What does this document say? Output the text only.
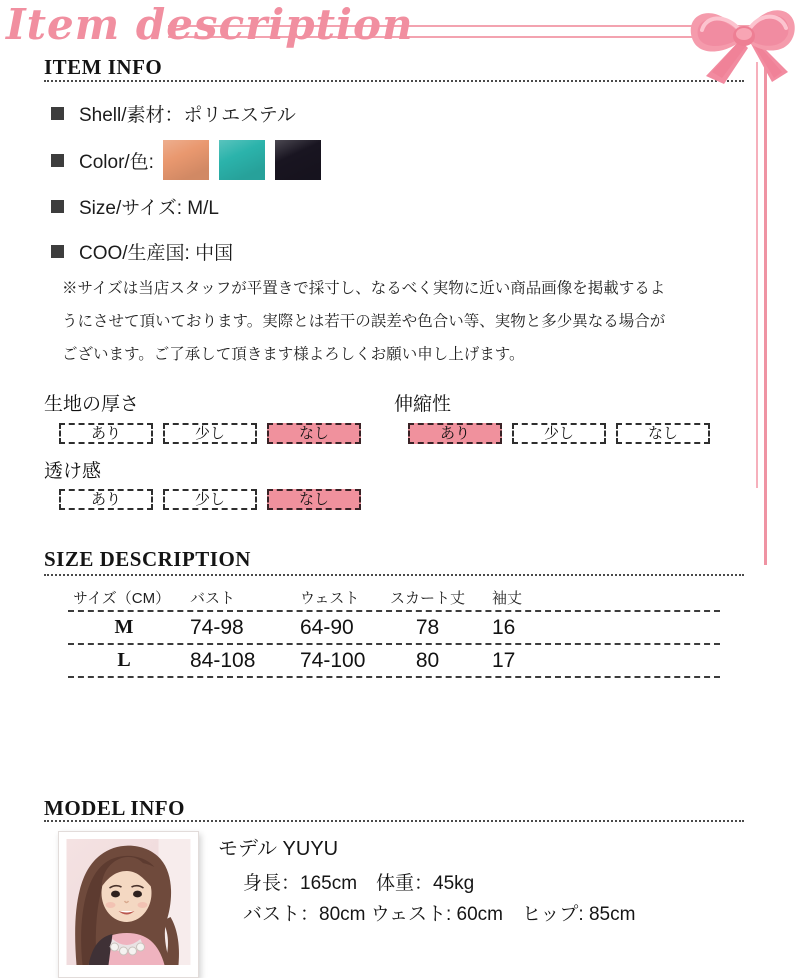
Item description
ITEM INFO
Shell/素材：ポリエステル
Color/色:
Size/サイズ: M/L
COO/生産国: 中国
※サイズは当店スタッフが平置きで採寸し、なるべく実物に近い商品画像を掲載するよ
うにさせて頂いております。実際とは若干の誤差や色合い等、実物と多少異なる場合が
ございます。ご了承して頂きます様よろしくお願い申し上げます。
生地の厚さ
あり	少し	なし
伸縮性
あり	少し	なし
透け感
あり	少し	なし
SIZE DESCRIPTION
サイズ（CM）	バスト	ウェスト	スカート丈	袖丈
M	74-98	64-90	78	16
L	84-108	74-100	80	17
MODEL INFO
モデル YUYU
身長：165cm　体重：45kg
バスト：80cm ウェスト: 60cm　ヒップ: 85cm
